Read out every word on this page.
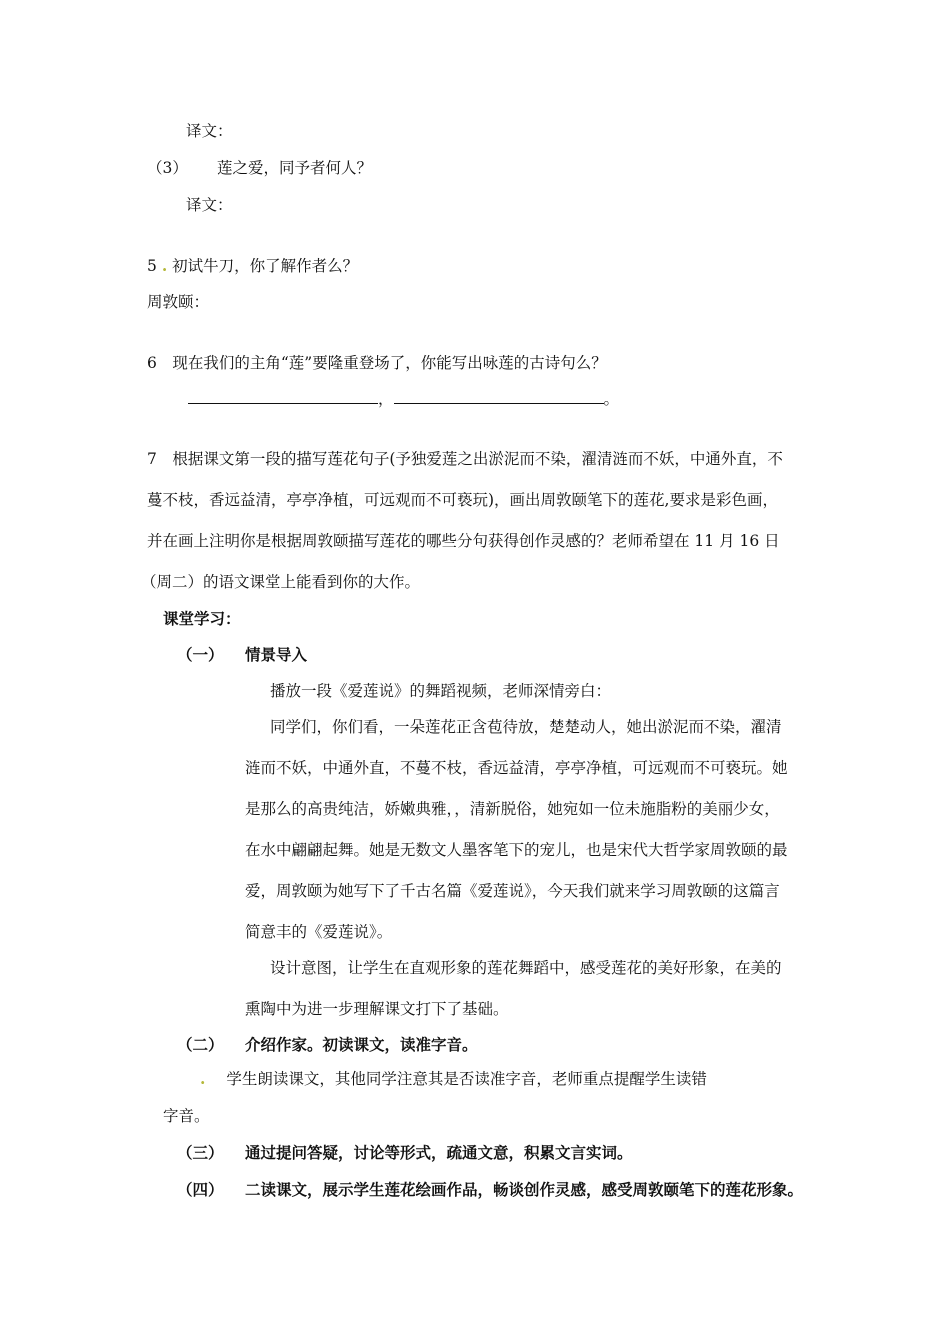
译文：
（3） 莲之爱，同予者何人？
译文：
5 . 初试牛刀，你了解作者么？
周敦颐：
6　现在我们的主角“莲”要隆重登场了，你能写出咏莲的古诗句么？
，	。
7　根据课文第一段的描写莲花句子(予独爱莲之出淤泥而不染，濯清涟而不妖，中通外直，不
蔓不枝，香远益清，亭亭净植，可远观而不可亵玩)，画出周敦颐笔下的莲花,要求是彩色画，
并在画上注明你是根据周敦颐描写莲花的哪些分句获得创作灵感的？老师希望在 11 月 16 日
（周二）的语文课堂上能看到你的大作。
课堂学习：
（一） 情景导入
播放一段《爱莲说》的舞蹈视频，老师深情旁白：
同学们，你们看，一朵莲花正含苞待放，楚楚动人，她出淤泥而不染，濯清
涟而不妖，中通外直，不蔓不枝，香远益清，亭亭净植，可远观而不可亵玩。她
是那么的高贵纯洁，娇嫩典雅，，清新脱俗，她宛如一位未施脂粉的美丽少女，
在水中翩翩起舞。她是无数文人墨客笔下的宠儿，也是宋代大哲学家周敦颐的最
爱，周敦颐为她写下了千古名篇《爱莲说》，今天我们就来学习周敦颐的这篇言
简意丰的《爱莲说》。
设计意图，让学生在直观形象的莲花舞蹈中，感受莲花的美好形象，在美的
熏陶中为进一步理解课文打下了基础。
（二） 介绍作家。初读课文，读准字音。
. 学生朗读课文，其他同学注意其是否读准字音，老师重点提醒学生读错
字音。
（三） 通过提问答疑，讨论等形式，疏通文意，积累文言实词。
（四） 二读课文，展示学生莲花绘画作品，畅谈创作灵感，感受周敦颐笔下的莲花形象。
